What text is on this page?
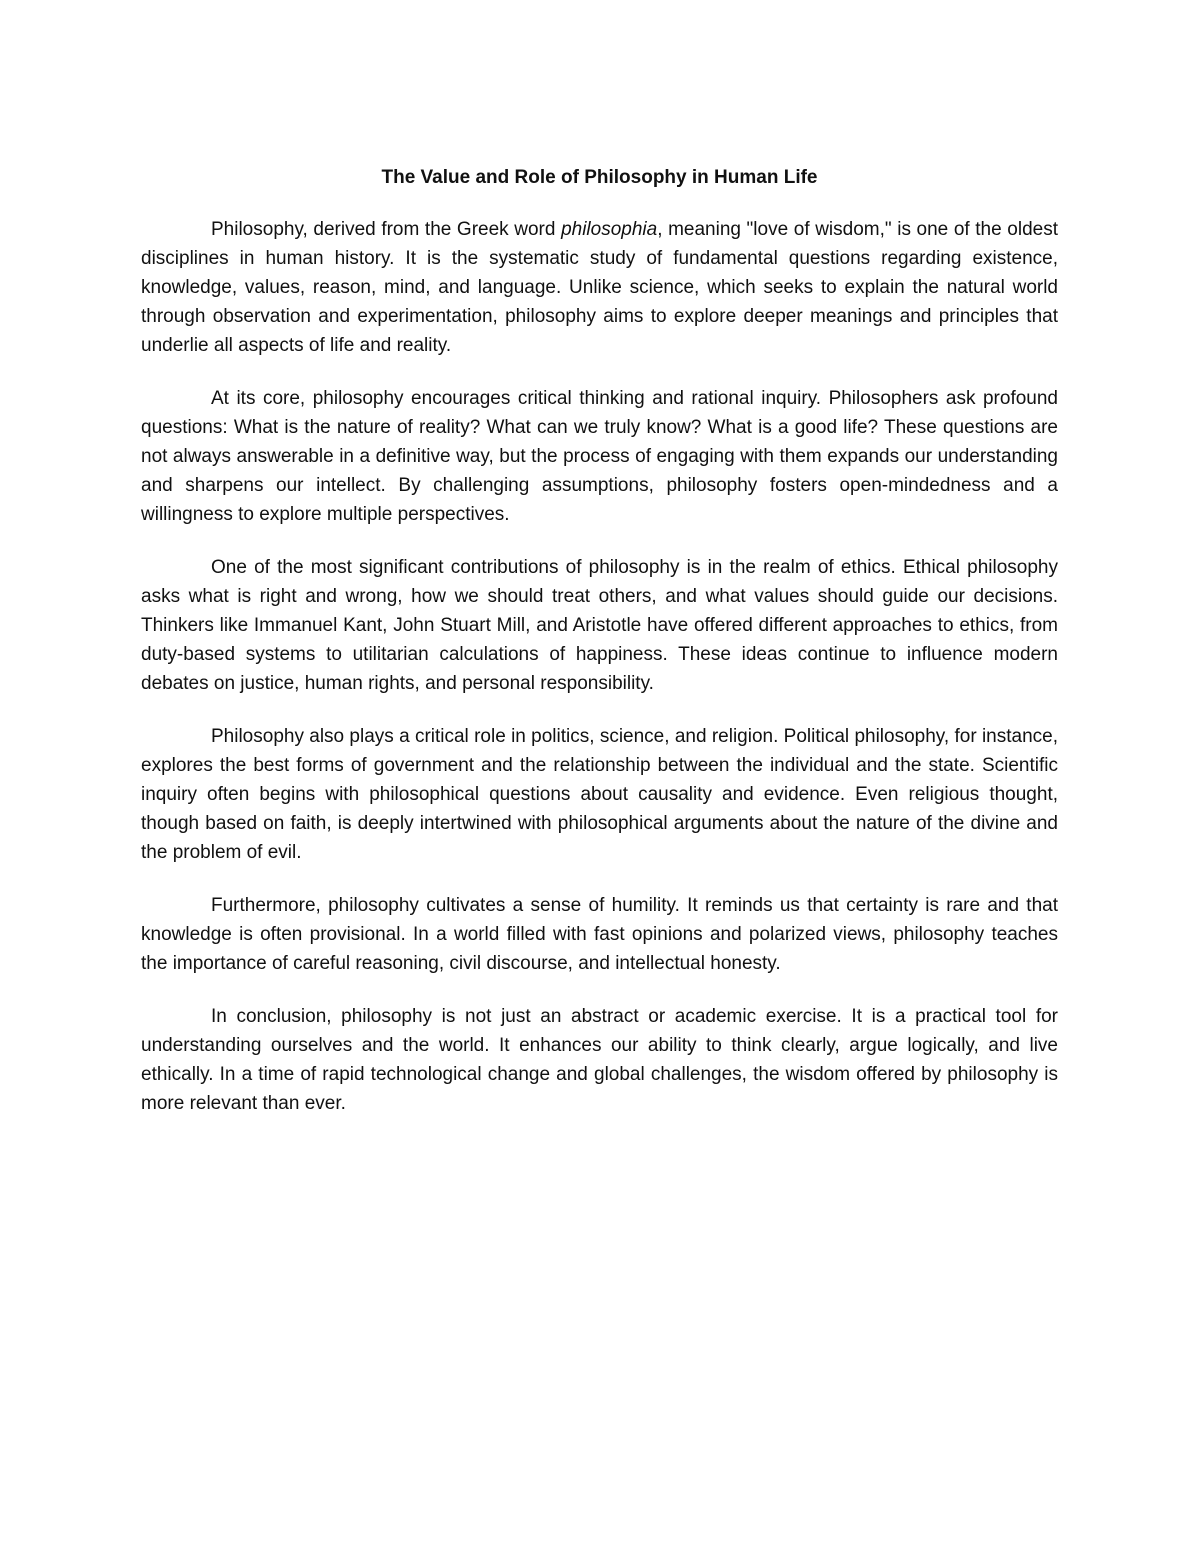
The Value and Role of Philosophy in Human Life

Philosophy, derived from the Greek word philosophia, meaning "love of wisdom," is one of the oldest disciplines in human history. It is the systematic study of fundamental questions regarding existence, knowledge, values, reason, mind, and language. Unlike science, which seeks to explain the natural world through observation and experimentation, philosophy aims to explore deeper meanings and principles that underlie all aspects of life and reality.

At its core, philosophy encourages critical thinking and rational inquiry. Philosophers ask profound questions: What is the nature of reality? What can we truly know? What is a good life? These questions are not always answerable in a definitive way, but the process of engaging with them expands our understanding and sharpens our intellect. By challenging assumptions, philosophy fosters open-mindedness and a willingness to explore multiple perspectives.

One of the most significant contributions of philosophy is in the realm of ethics. Ethical philosophy asks what is right and wrong, how we should treat others, and what values should guide our decisions. Thinkers like Immanuel Kant, John Stuart Mill, and Aristotle have offered different approaches to ethics, from duty-based systems to utilitarian calculations of happiness. These ideas continue to influence modern debates on justice, human rights, and personal responsibility.

Philosophy also plays a critical role in politics, science, and religion. Political philosophy, for instance, explores the best forms of government and the relationship between the individual and the state. Scientific inquiry often begins with philosophical questions about causality and evidence. Even religious thought, though based on faith, is deeply intertwined with philosophical arguments about the nature of the divine and the problem of evil.

Furthermore, philosophy cultivates a sense of humility. It reminds us that certainty is rare and that knowledge is often provisional. In a world filled with fast opinions and polarized views, philosophy teaches the importance of careful reasoning, civil discourse, and intellectual honesty.

In conclusion, philosophy is not just an abstract or academic exercise. It is a practical tool for understanding ourselves and the world. It enhances our ability to think clearly, argue logically, and live ethically. In a time of rapid technological change and global challenges, the wisdom offered by philosophy is more relevant than ever.
